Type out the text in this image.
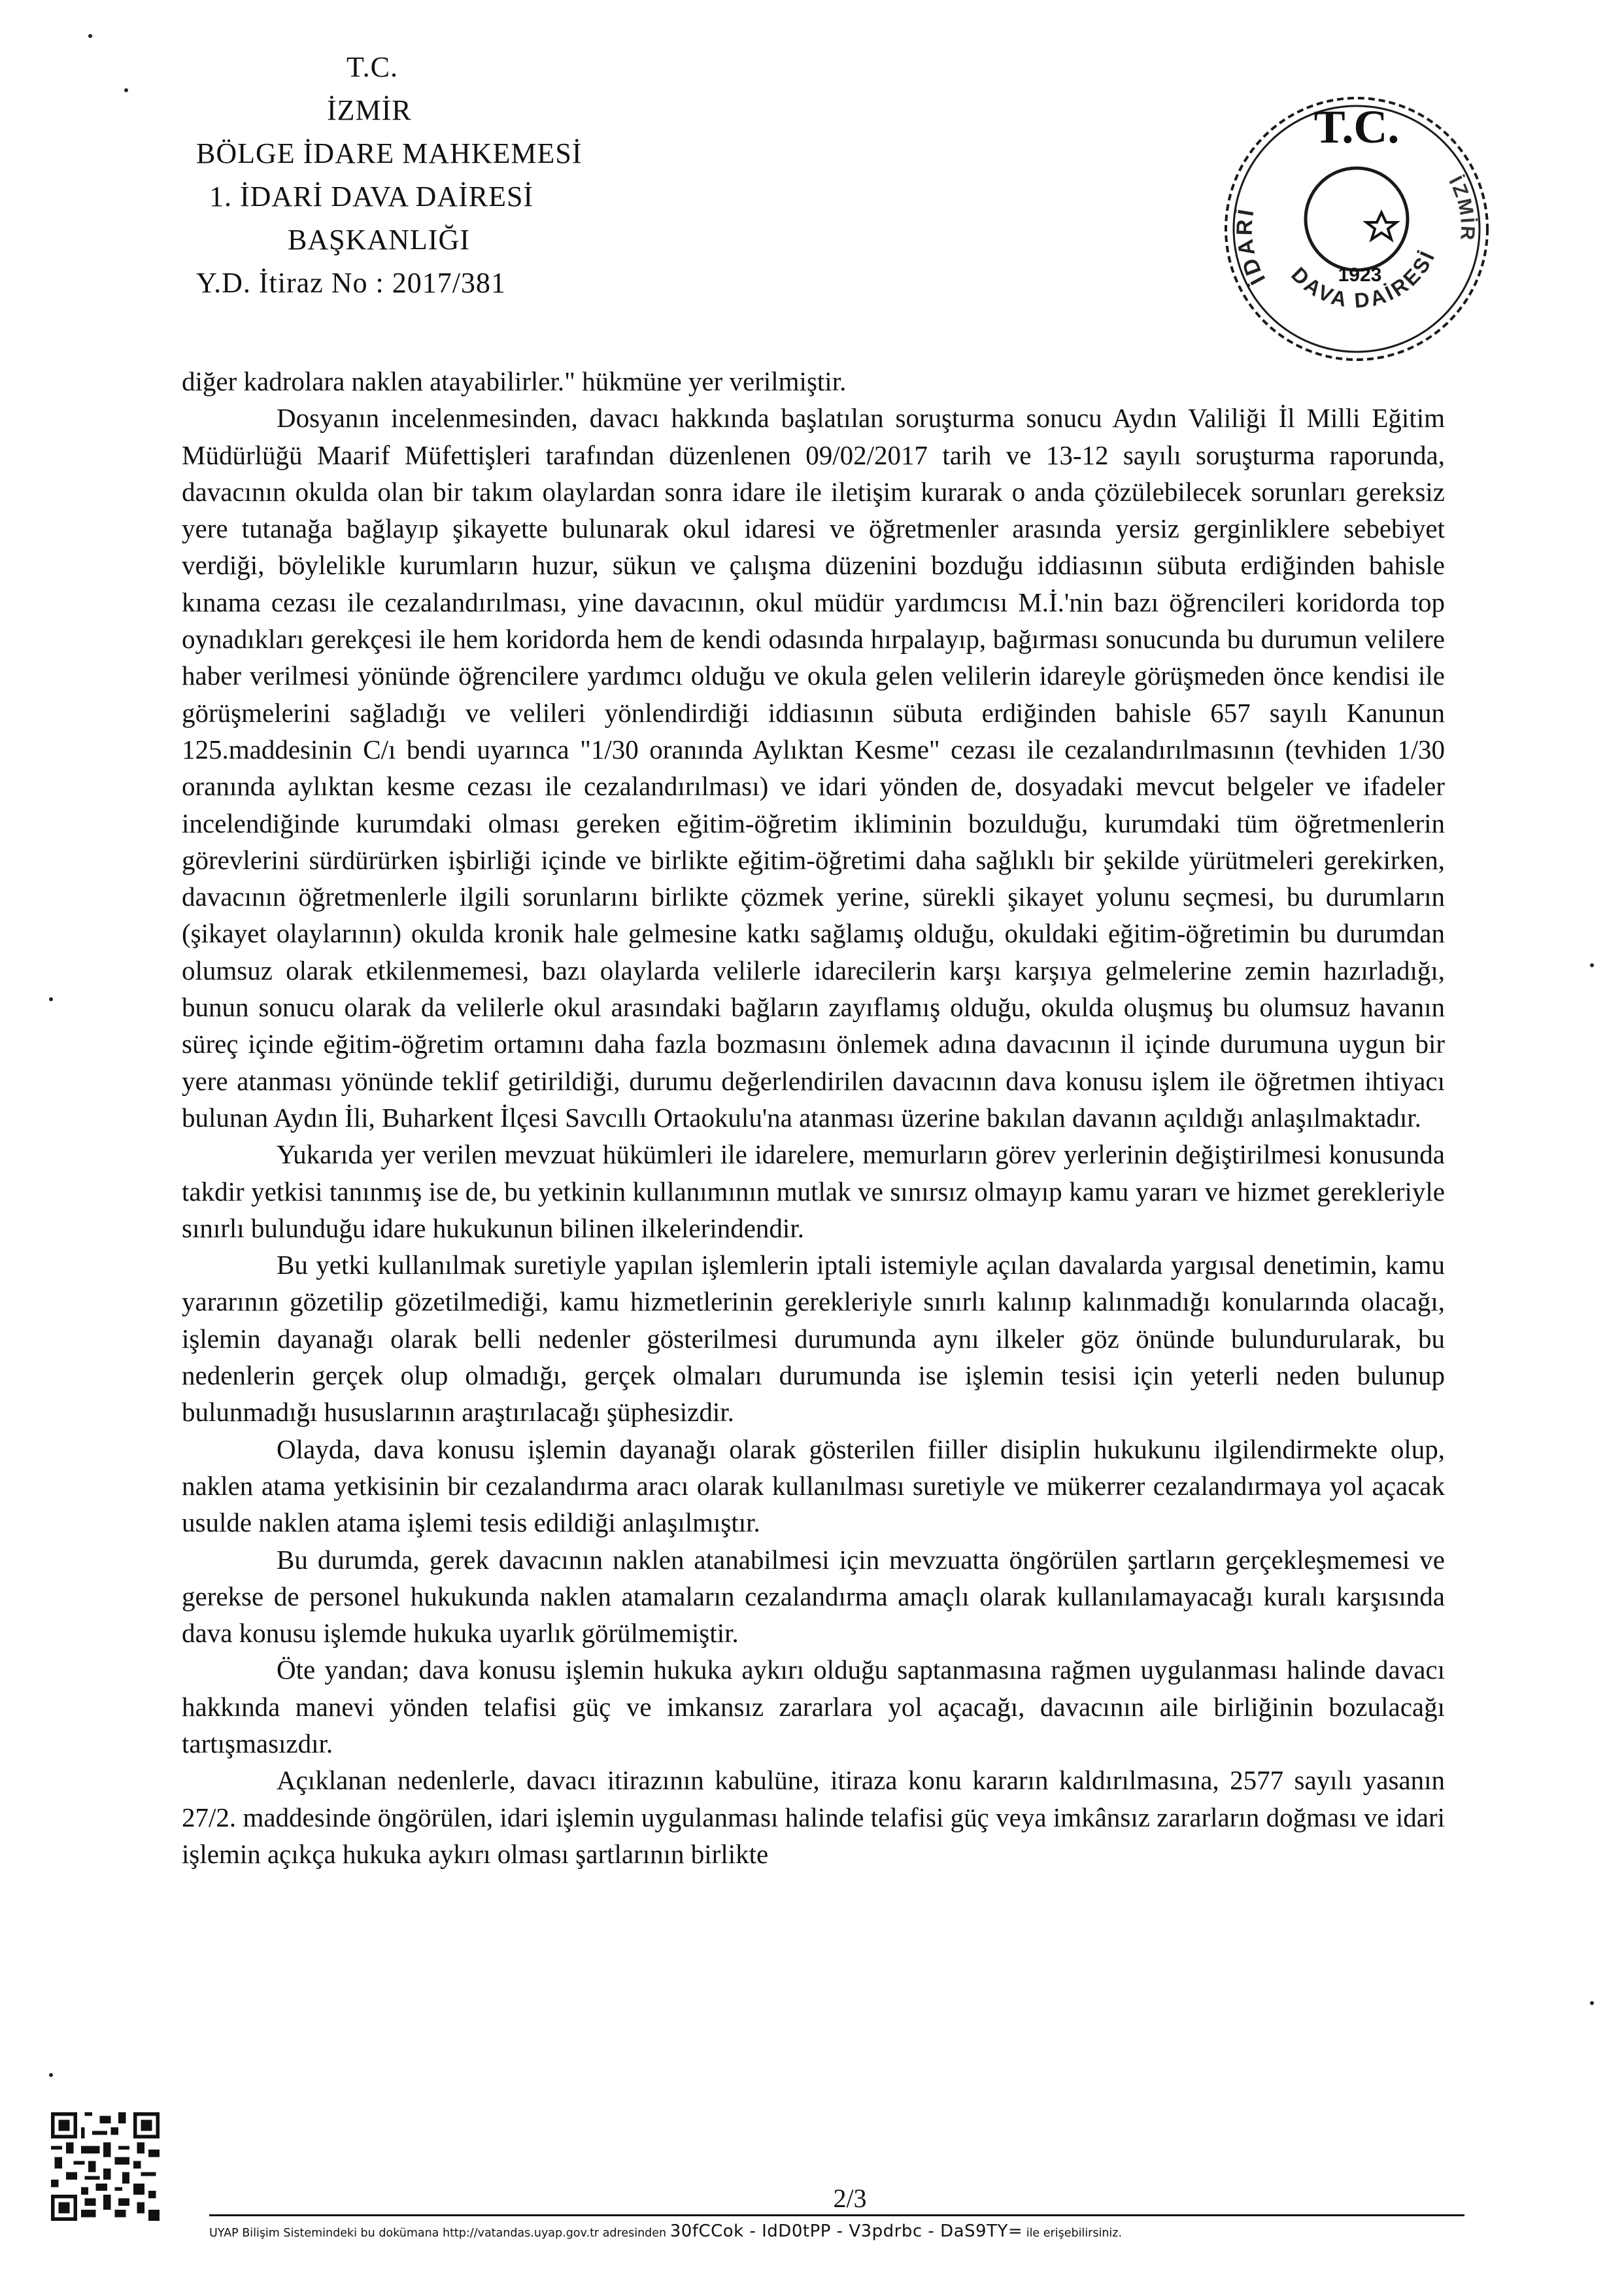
T.C.
İZMİR
BÖLGE İDARE MAHKEMESİ
1. İDARİ DAVA DAİRESİ
BAŞKANLIĞI
Y.D. İtiraz No : 2017/381
T.C.
İDARİ
DAVA DAİRESİ
İZMİR
1923

diğer kadrolara naklen atayabilirler." hükmüne yer verilmiştir.

Dosyanın incelenmesinden, davacı hakkında başlatılan soruşturma sonucu Aydın Valiliği İl Milli Eğitim Müdürlüğü Maarif Müfettişleri tarafından düzenlenen 09/02/2017 tarih ve 13-12 sayılı soruşturma raporunda, davacının okulda olan bir takım olaylardan sonra idare ile iletişim kurarak o anda çözülebilecek sorunları gereksiz yere tutanağa bağlayıp şikayette bulunarak okul idaresi ve öğretmenler arasında yersiz gerginliklere sebebiyet verdiği, böylelikle kurumların huzur, sükun ve çalışma düzenini bozduğu iddiasının sübuta erdiğinden bahisle kınama cezası ile cezalandırılması, yine davacının, okul müdür yardımcısı M.İ.'nin bazı öğrencileri koridorda top oynadıkları gerekçesi ile hem koridorda hem de kendi odasında hırpalayıp, bağırması sonucunda bu durumun velilere haber verilmesi yönünde öğrencilere yardımcı olduğu ve okula gelen velilerin idareyle görüşmeden önce kendisi ile görüşmelerini sağladığı ve velileri yönlendirdiği iddiasının sübuta erdiğinden bahisle 657 sayılı Kanunun 125.maddesinin C/ı bendi uyarınca "1/30 oranında Aylıktan Kesme" cezası ile cezalandırılmasının (tevhiden 1/30 oranında aylıktan kesme cezası ile cezalandırılması) ve idari yönden de, dosyadaki mevcut belgeler ve ifadeler incelendiğinde kurumdaki olması gereken eğitim-öğretim ikliminin bozulduğu, kurumdaki tüm öğretmenlerin görevlerini sürdürürken işbirliği içinde ve birlikte eğitim-öğretimi daha sağlıklı bir şekilde yürütmeleri gerekirken, davacının öğretmenlerle ilgili sorunlarını birlikte çözmek yerine, sürekli şikayet yolunu seçmesi, bu durumların (şikayet olaylarının) okulda kronik hale gelmesine katkı sağlamış olduğu, okuldaki eğitim-öğretimin bu durumdan olumsuz olarak etkilenmemesi, bazı olaylarda velilerle idarecilerin karşı karşıya gelmelerine zemin hazırladığı, bunun sonucu olarak da velilerle okul arasındaki bağların zayıflamış olduğu, okulda oluşmuş bu olumsuz havanın süreç içinde eğitim-öğretim ortamını daha fazla bozmasını önlemek adına davacının il içinde durumuna uygun bir yere atanması yönünde teklif getirildiği, durumu değerlendirilen davacının dava konusu işlem ile öğretmen ihtiyacı bulunan Aydın İli, Buharkent İlçesi Savcıllı Ortaokulu'na atanması üzerine bakılan davanın açıldığı anlaşılmaktadır.

Yukarıda yer verilen mevzuat hükümleri ile idarelere, memurların görev yerlerinin değiştirilmesi konusunda takdir yetkisi tanınmış ise de, bu yetkinin kullanımının mutlak ve sınırsız olmayıp kamu yararı ve hizmet gerekleriyle sınırlı bulunduğu idare hukukunun bilinen ilkelerindendir.

Bu yetki kullanılmak suretiyle yapılan işlemlerin iptali istemiyle açılan davalarda yargısal denetimin, kamu yararının gözetilip gözetilmediği, kamu hizmetlerinin gerekleriyle sınırlı kalınıp kalınmadığı konularında olacağı, işlemin dayanağı olarak belli nedenler gösterilmesi durumunda aynı ilkeler göz önünde bulundurularak, bu nedenlerin gerçek olup olmadığı, gerçek olmaları durumunda ise işlemin tesisi için yeterli neden bulunup bulunmadığı hususlarının araştırılacağı şüphesizdir.

Olayda, dava konusu işlemin dayanağı olarak gösterilen fiiller disiplin hukukunu ilgilendirmekte olup, naklen atama yetkisinin bir cezalandırma aracı olarak kullanılması suretiyle ve mükerrer cezalandırmaya yol açacak usulde naklen atama işlemi tesis edildiği anlaşılmıştır.

Bu durumda, gerek davacının naklen atanabilmesi için mevzuatta öngörülen şartların gerçekleşmemesi ve gerekse de personel hukukunda naklen atamaların cezalandırma amaçlı olarak kullanılamayacağı kuralı karşısında dava konusu işlemde hukuka uyarlık görülmemiştir.

Öte yandan; dava konusu işlemin hukuka aykırı olduğu saptanmasına rağmen uygulanması halinde davacı hakkında manevi yönden telafisi güç ve imkansız zararlara yol açacağı, davacının aile birliğinin bozulacağı tartışmasızdır.

Açıklanan nedenlerle, davacı itirazının kabulüne, itiraza konu kararın kaldırılmasına, 2577 sayılı yasanın 27/2. maddesinde öngörülen, idari işlemin uygulanması halinde telafisi güç veya imkânsız zararların doğması ve idari işlemin açıkça hukuka aykırı olması şartlarının birlikte

2/3
UYAP Bilişim Sistemindeki bu dokümana http://vatandas.uyap.gov.tr adresinden 30fCCok - IdD0tPP - V3pdrbc - DaS9TY= ile erişebilirsiniz.
